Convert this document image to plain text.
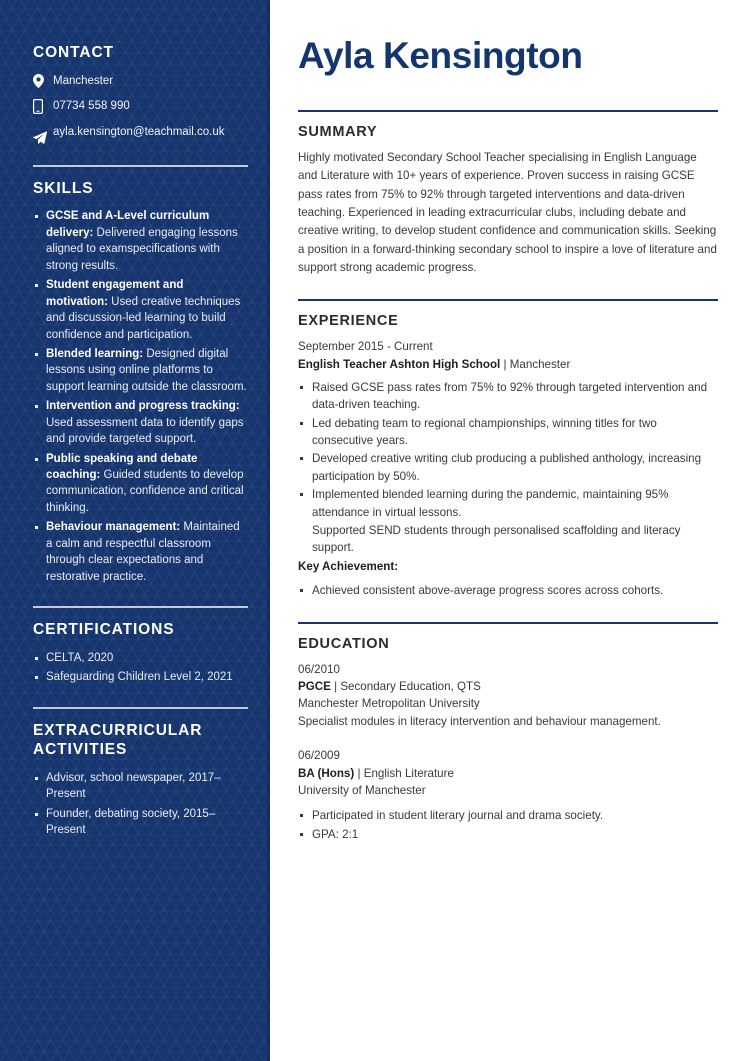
CONTACT
Manchester
07734 558 990
ayla.kensington@teachmail.co.uk
SKILLS
GCSE and A-Level curriculum delivery: Delivered engaging lessons aligned to examspecifications with strong results.
Student engagement and motivation: Used creative techniques and discussion-led learning to build confidence and participation.
Blended learning: Designed digital lessons using online platforms to support learning outside the classroom.
Intervention and progress tracking: Used assessment data to identify gaps and provide targeted support.
Public speaking and debate coaching: Guided students to develop communication, confidence and critical thinking.
Behaviour management: Maintained a calm and respectful classroom through clear expectations and restorative practice.
CERTIFICATIONS
CELTA, 2020
Safeguarding Children Level 2, 2021
EXTRACURRICULAR ACTIVITIES
Advisor, school newspaper, 2017–Present
Founder, debating society, 2015–Present
Ayla Kensington
SUMMARY

Highly motivated Secondary School Teacher specialising in English Language and Literature with 10+ years of experience. Proven success in raising GCSE pass rates from 75% to 92% through targeted interventions and data-driven teaching. Experienced in leading extracurricular clubs, including debate and creative writing, to develop student confidence and communication skills. Seeking a position in a forward-thinking secondary school to inspire a love of literature and support strong academic progress.

EXPERIENCE
September 2015 - Current
English Teacher Ashton High School | Manchester
Raised GCSE pass rates from 75% to 92% through targeted intervention and data-driven teaching.
Led debating team to regional championships, winning titles for two consecutive years.
Developed creative writing club producing a published anthology, increasing participation by 50%.
Implemented blended learning during the pandemic, maintaining 95% attendance in virtual lessons.
Supported SEND students through personalised scaffolding and literacy support.
Key Achievement:
Achieved consistent above-average progress scores across cohorts.
EDUCATION
06/2010
PGCE | Secondary Education, QTS
Manchester Metropolitan University
Specialist modules in literacy intervention and behaviour management.
06/2009
BA (Hons) | English Literature
University of Manchester
Participated in student literary journal and drama society.
GPA: 2:1
